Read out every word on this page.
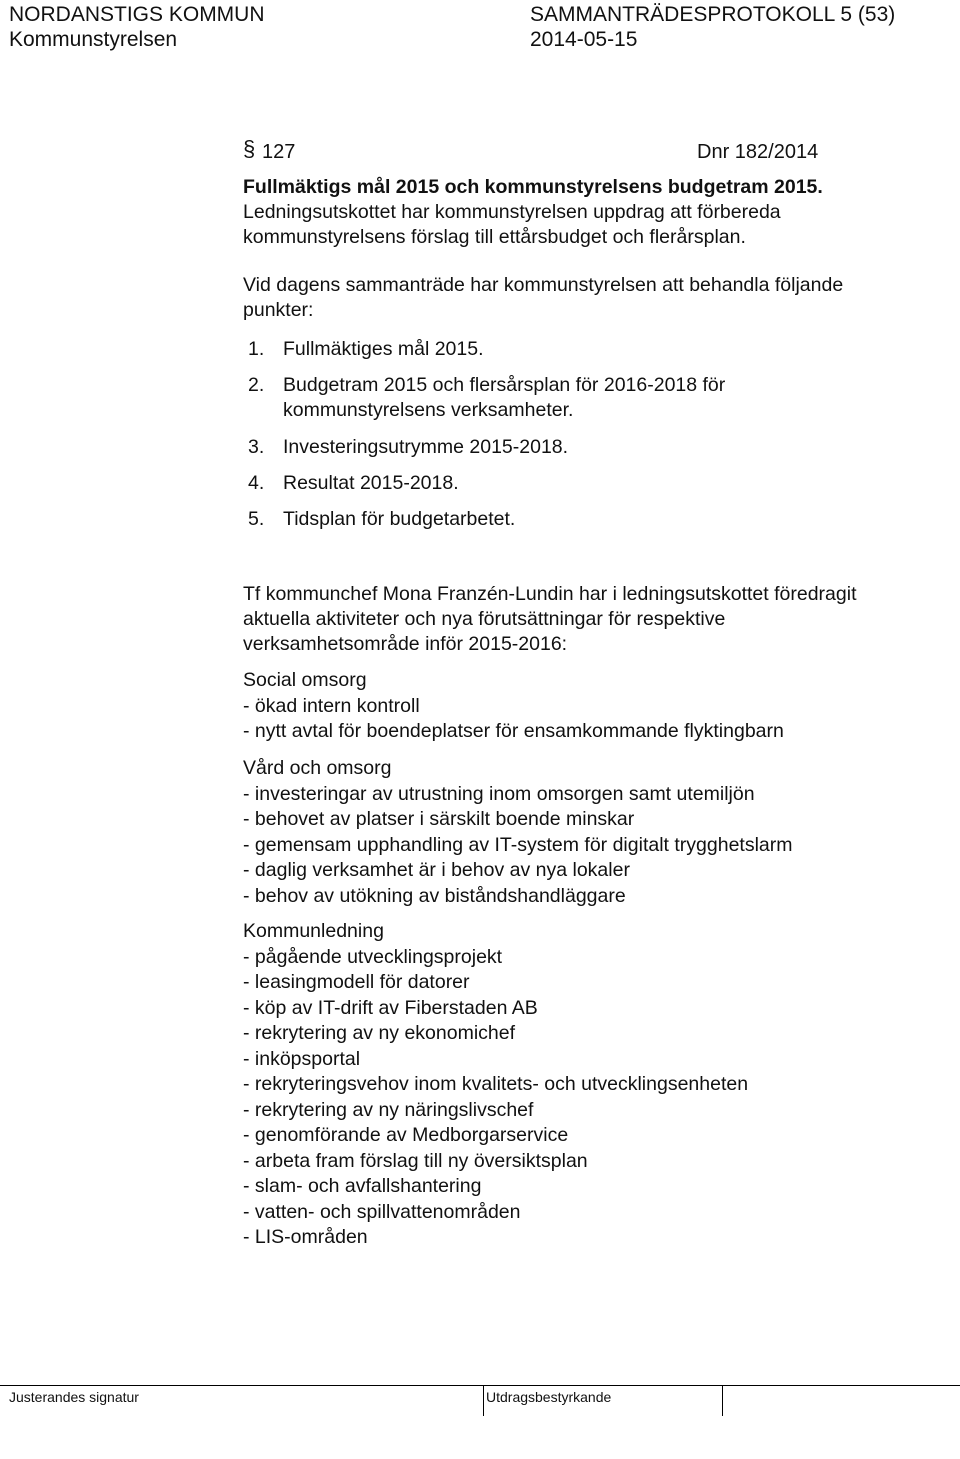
NORDANSTIGS KOMMUN
Kommunstyrelsen
SAMMANTRÄDESPROTOKOLL 5 (53)
2014-05-15
§ 127	Dnr 182/2014
Fullmäktigs mål 2015 och kommunstyrelsens budgetram 2015.
Ledningsutskottet har kommunstyrelsen uppdrag att förbereda
kommunstyrelsens förslag till ettårsbudget och flerårsplan.
Vid dagens sammanträde har kommunstyrelsen att behandla följande
punkter:
1. Fullmäktiges mål 2015.
2. Budgetram 2015 och flersårsplan för 2016-2018 för
kommunstyrelsens verksamheter.
3. Investeringsutrymme 2015-2018.
4. Resultat 2015-2018.
5. Tidsplan för budgetarbetet.
Tf kommunchef Mona Franzén-Lundin har i ledningsutskottet föredragit
aktuella aktiviteter och nya förutsättningar för respektive
verksamhetsområde inför 2015-2016:
Social omsorg
- ökad intern kontroll
- nytt avtal för boendeplatser för ensamkommande flyktingbarn
Vård och omsorg
- investeringar av utrustning inom omsorgen samt utemiljön
- behovet av platser i särskilt boende minskar
- gemensam upphandling av IT-system för digitalt trygghetslarm
- daglig verksamhet är i behov av nya lokaler
- behov av utökning av biståndshandläggare
Kommunledning
- pågående utvecklingsprojekt
- leasingmodell för datorer
- köp av IT-drift av Fiberstaden AB
- rekrytering av ny ekonomichef
- inköpsportal
- rekryteringsvehov inom kvalitets- och utvecklingsenheten
- rekrytering av ny näringslivschef
- genomförande av Medborgarservice
- arbeta fram förslag till ny översiktsplan
- slam- och avfallshantering
- vatten- och spillvattenområden
- LIS-områden
Justerandes signatur	Utdragsbestyrkande
